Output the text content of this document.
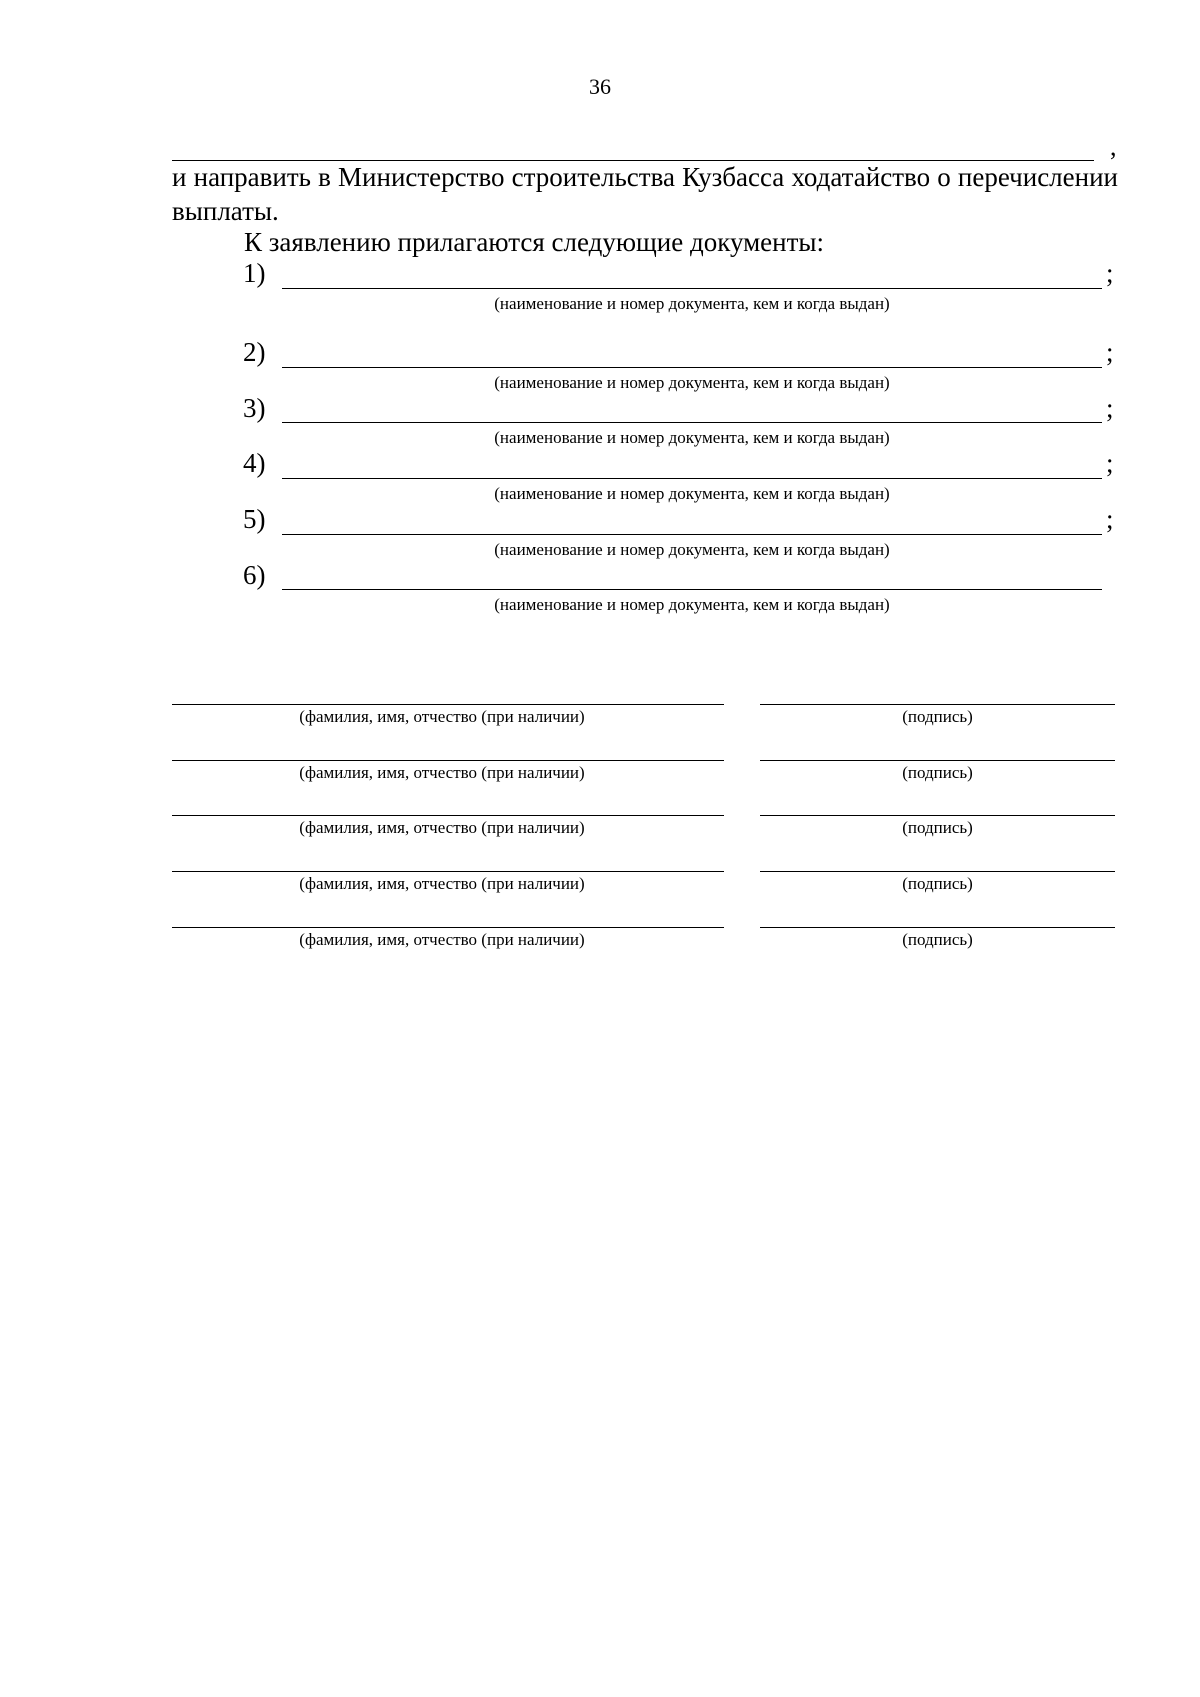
36
,
и направить в Министерство строительства Кузбасса ходатайство о перечислении выплаты.
К заявлению прилагаются следующие документы:
1)	;
(наименование и номер документа, кем и когда выдан)
2)	;
(наименование и номер документа, кем и когда выдан)
3)	;
(наименование и номер документа, кем и когда выдан)
4)	;
(наименование и номер документа, кем и когда выдан)
5)	;
(наименование и номер документа, кем и когда выдан)
6)
(наименование и номер документа, кем и когда выдан)
(фамилия, имя, отчество (при наличии)	(подпись)
(фамилия, имя, отчество (при наличии)	(подпись)
(фамилия, имя, отчество (при наличии)	(подпись)
(фамилия, имя, отчество (при наличии)	(подпись)
(фамилия, имя, отчество (при наличии)	(подпись)
